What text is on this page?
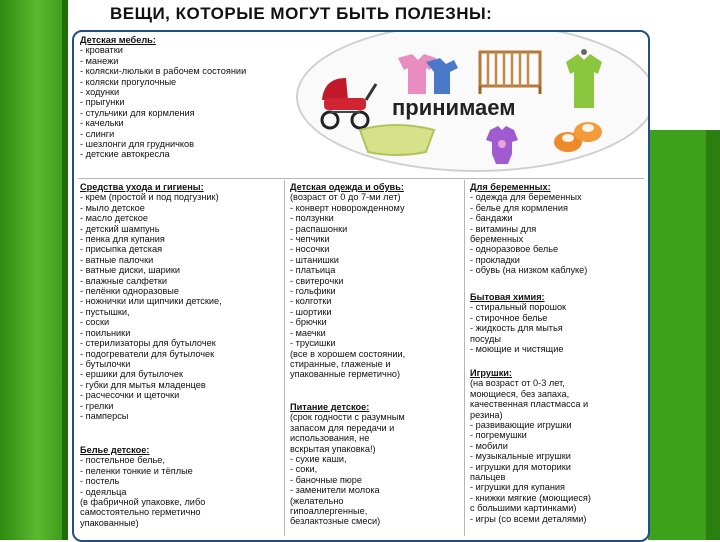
ВЕЩИ, КОТОРЫЕ МОГУТ БЫТЬ ПОЛЕЗНЫ:
принимаем
Детская мебель:
- кроватки
- манежи
- коляски-люльки в рабочем состоянии
- коляски прогулочные
- ходунки
- прыгунки
- стульчики для кормления
- качельки
- слинги
- шезлонги для грудничков
- детские автокресла
Средства ухода и гигиены:
- крем (простой и под подгузник)
- мыло детское
- масло детское
- детский шампунь
- пенка для купания
- присыпка детская
- ватные палочки
- ватные диски, шарики
- влажные салфетки
- пелёнки одноразовые
- ножнички или щипчики детские,
- пустышки,
- соски
- поильники
- стерилизаторы для бутылочек
- подогреватели для бутылочек
- бутылочки
- ершики для бутылочек
- губки для мытья младенцев
- расчесочки и щеточки
- грелки
- памперсы
Белье детское:
- постельное белье,
- пеленки тонкие и тёплые
- постель
- одеяльца
(в фабричной упаковке, либо
самостоятельно герметично
упакованные)
Детская одежда и обувь:
(возраст от 0 до 7-ми лет)
- конверт новорожденному
- ползунки
- распашонки
- чепчики
- носочки
- штанишки
- платьица
- свитерочки
- гольфики
- колготки
- шортики
- брючки
- маечки
- трусишки
(все в хорошем состоянии,
стиранные, глаженые и
упакованные герметично)
Питание детское:
(срок годности с разумным
запасом для передачи и
использования, не
вскрытая упаковка!)
- сухие каши,
- соки,
- баночные пюре
- заменители молока
(желательно
гипоаллергенные,
безлактозные смеси)
Для беременных:
- одежда для беременных
- белье для кормления
- бандажи
- витамины для
беременных
- одноразовое белье
- прокладки
- обувь (на низком каблуке)
Бытовая химия:
- стиральный порошок
- стирочное белье
- жидкость для мытья
посуды
- моющие и чистящие
Игрушки:
(на возраст от 0-3 лет,
моющиеся, без запаха,
качественная пластмасса и
резина)
- развивающие игрушки
- погремушки
- мобили
- музыкальные игрушки
- игрушки для моторики
пальцев
- игрушки для купания
- книжки мягкие (моющиеся)
с большими картинками)
- игры (со всеми деталями)
